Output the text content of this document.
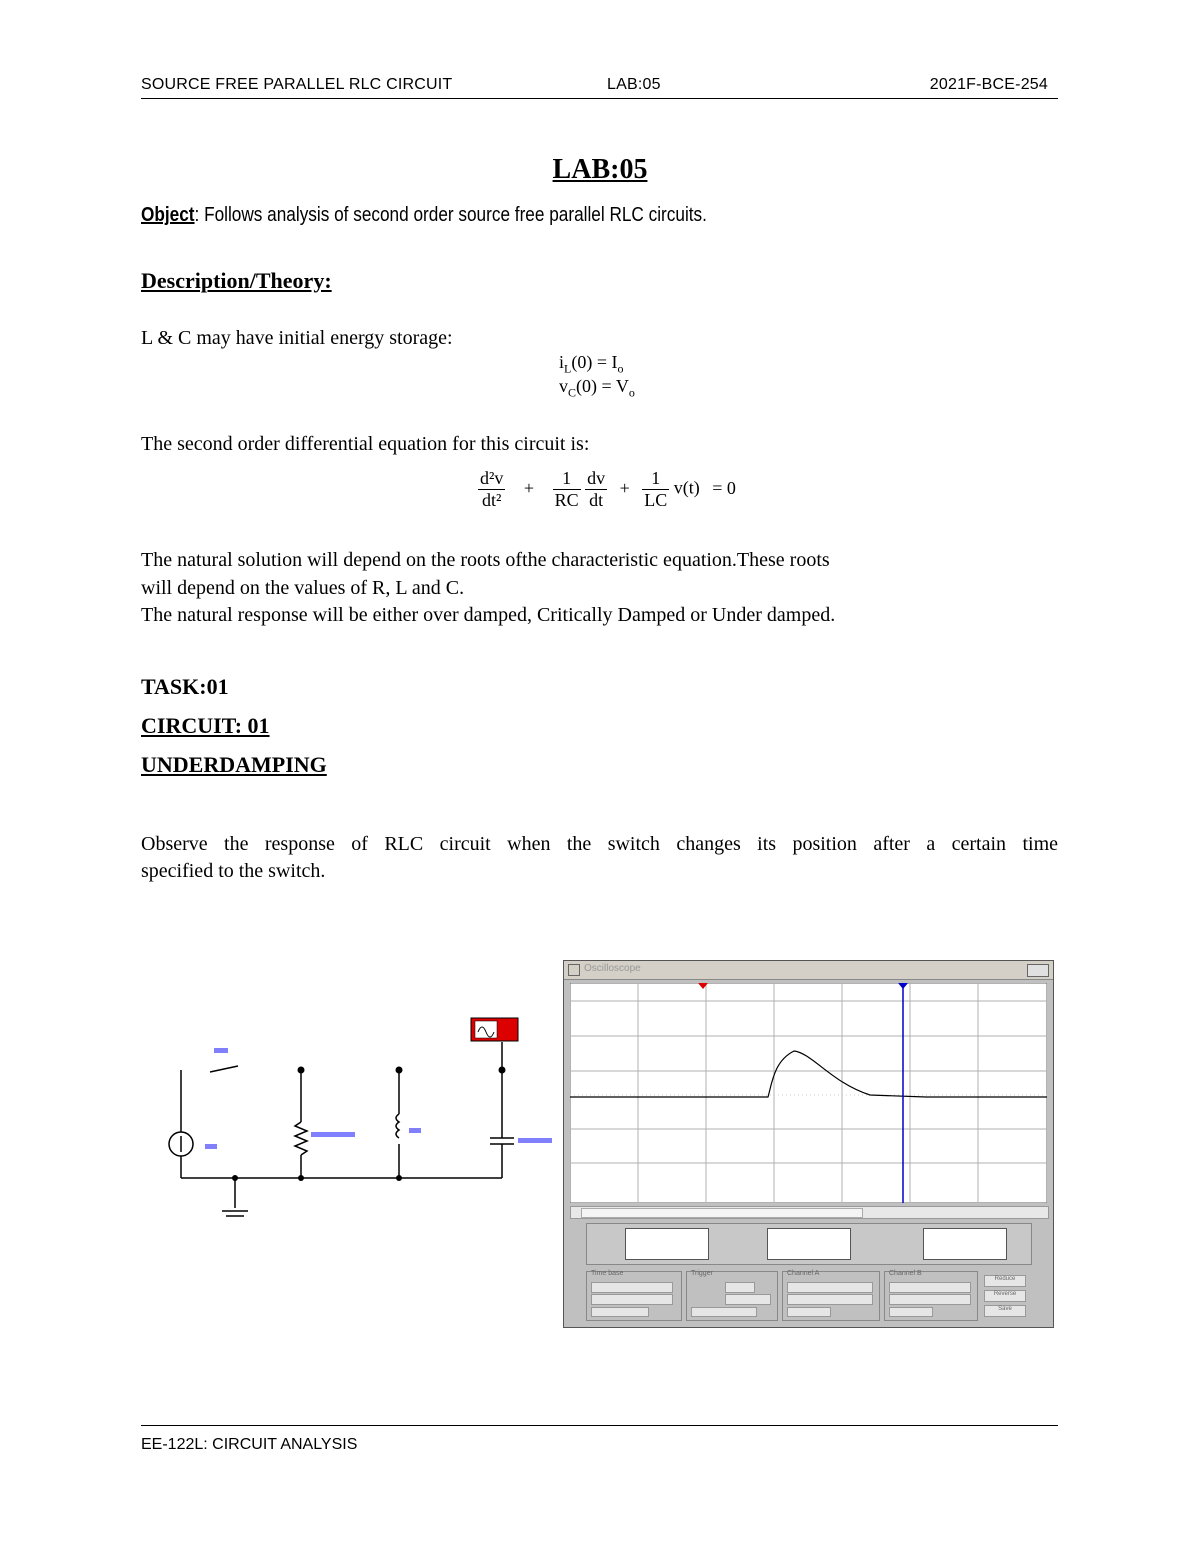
SOURCE FREE PARALLEL RLC CIRCUIT	LAB:05	2021F-BCE-254
LAB:05
Object: Follows analysis of second order source free parallel RLC circuits.
Description/Theory:
L & C may have initial energy storage:
$i_L(0) = I_o$
$v_C(0) = V_o$
The second order differential equation for this circuit is:
$\frac{\text{d²v}}{\text{dt²}} + \frac{1}{RC}$
$\frac{dv}{dt} + \frac{1}{LC} v(t) = 0$
The natural solution will depend on the roots ofthe characteristic equation.These roots
will depend on the values of R, L and C.
The natural response will be either over damped, Critically Damped or Under damped.
TASK:01
CIRCUIT: 01
UNDERDAMPING
Observe the response of RLC circuit when the switch changes its position after a certain time
specified to the switch.
Oscilloscope
Time base	Trigger	Channel A	Channel B
Reduce
Reverse
Save
EE-122L: CIRCUIT ANALYSIS
